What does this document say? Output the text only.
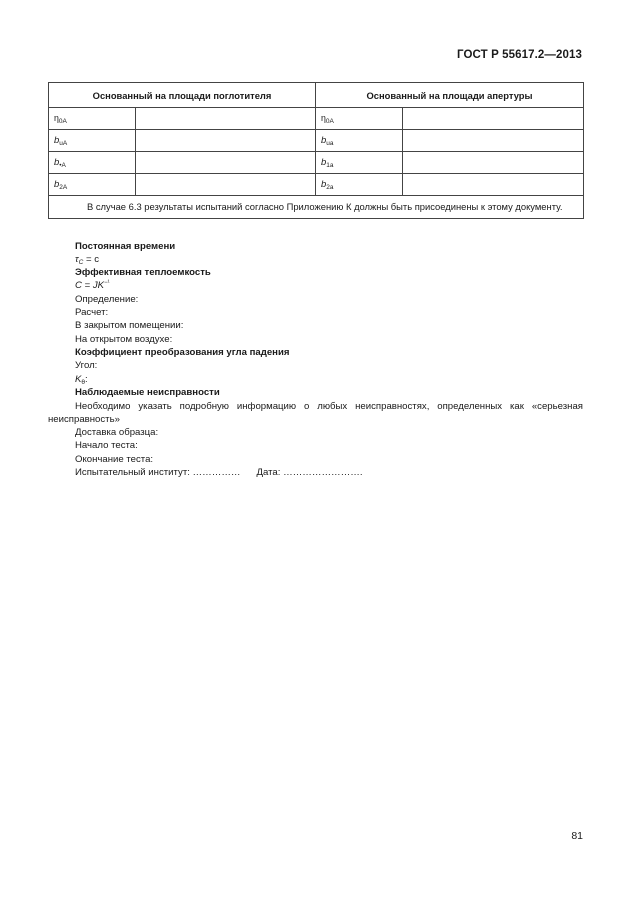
ГОСТ Р 55617.2—2013
Основанный на площади поглотителя		Основанный на площади апертуры	
$\eta_{0A}$		$\eta_{0A}$	
$b_{uA}$		$b_{ua}$	
$b_{•A}$		$b_{1a}$	
$b_{2A}$		$b_{2a}$	
В случае 6.3 результаты испытаний согласно Приложению К должны быть присоединены к этому документу.			
Постоянная времени
$\tau_C = c$
Эффективная теплоемкость
$C = JK^{-^1}$
Определение:
Расчет:
В закрытом помещении:
На открытом воздухе:
Коэффициент преобразования угла падения
Угол:
$K_\theta$:
Наблюдаемые неисправности
Необходимо указать подробную информацию о любых неисправностях, определенных как «серьезная неисправность»
Доставка образца:
Начало теста:
Окончание теста:
Испытательный институт: …………… Дата: …………………….
81
